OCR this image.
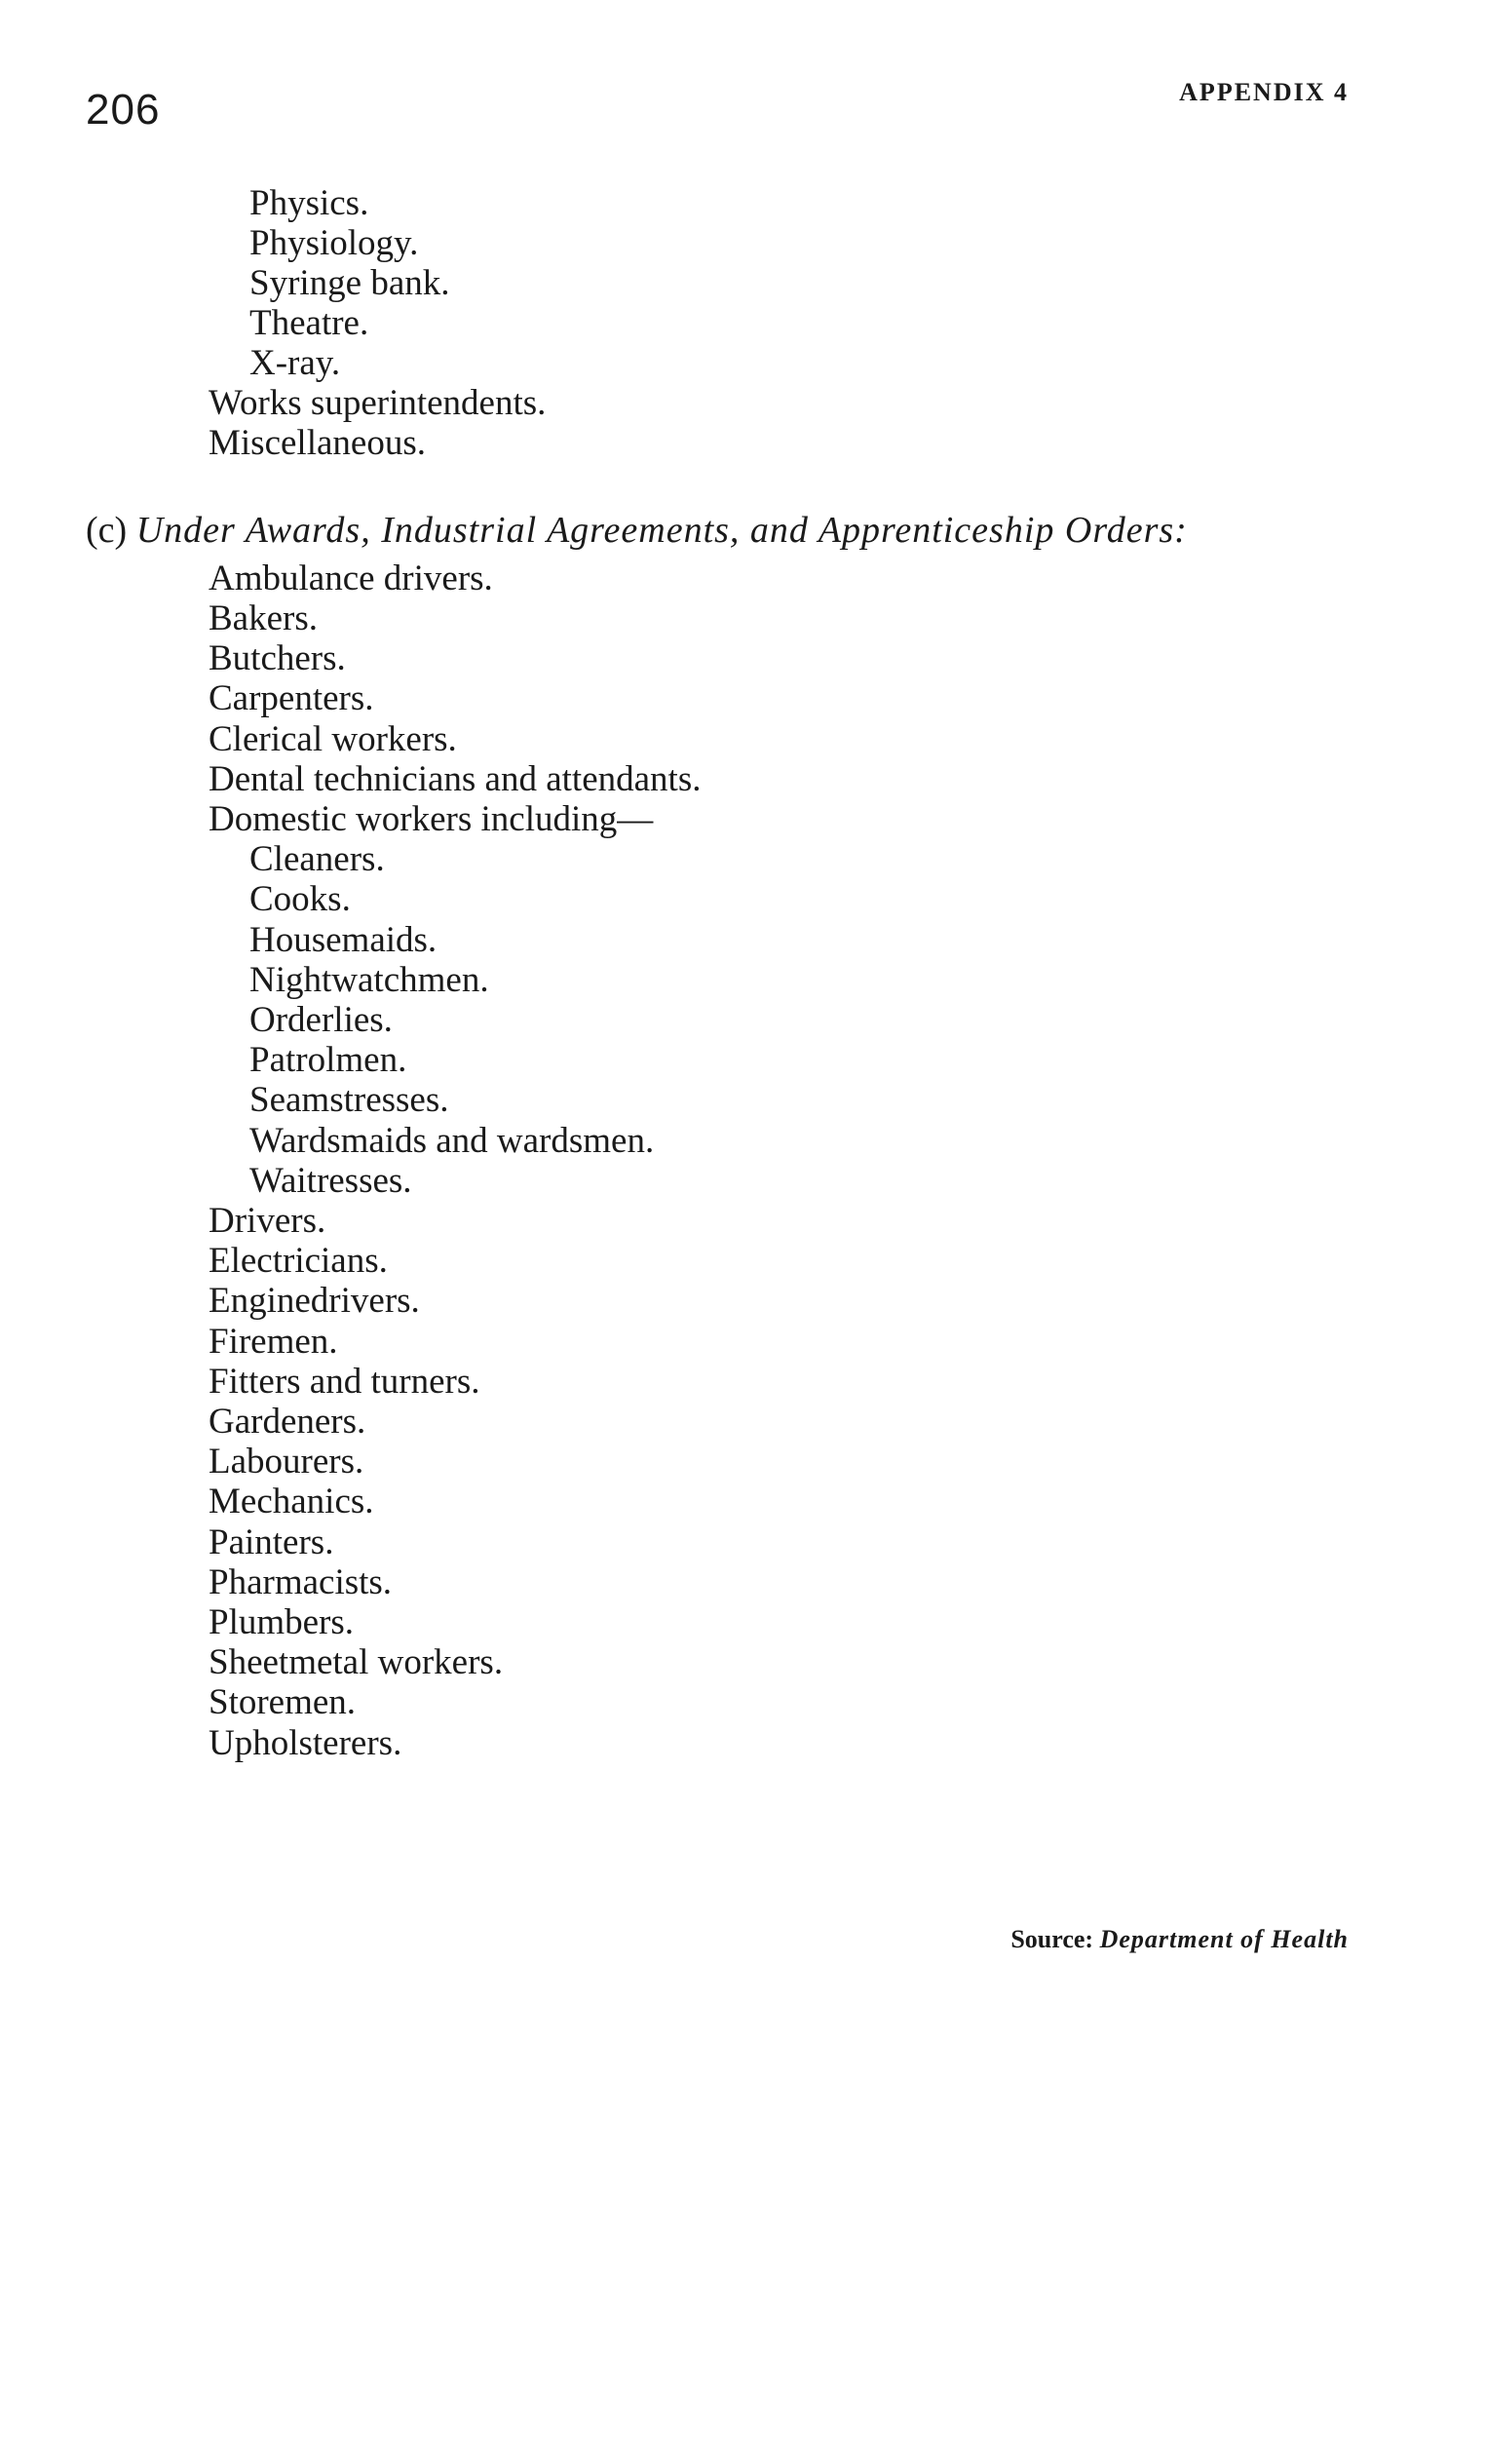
206	APPENDIX 4
Physics.
Physiology.
Syringe bank.
Theatre.
X-ray.
Works superintendents.
Miscellaneous.
(c) Under Awards, Industrial Agreements, and Apprenticeship Orders:
Ambulance drivers.
Bakers.
Butchers.
Carpenters.
Clerical workers.
Dental technicians and attendants.
Domestic workers including—
Cleaners.
Cooks.
Housemaids.
Nightwatchmen.
Orderlies.
Patrolmen.
Seamstresses.
Wardsmaids and wardsmen.
Waitresses.
Drivers.
Electricians.
Enginedrivers.
Firemen.
Fitters and turners.
Gardeners.
Labourers.
Mechanics.
Painters.
Pharmacists.
Plumbers.
Sheetmetal workers.
Storemen.
Upholsterers.
Source: Department of Health
